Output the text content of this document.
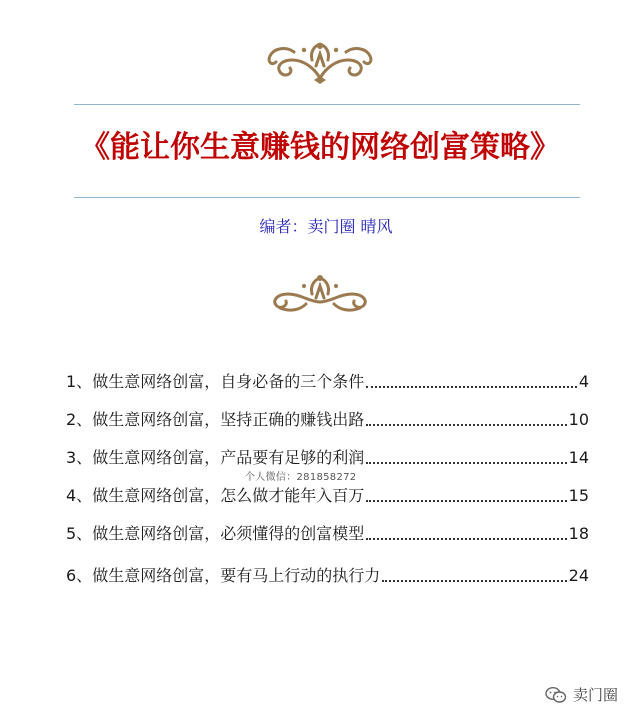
《能让你生意赚钱的网络创富策略》
编者：卖门圈 晴风
1、做生意网络创富，自身必备的三个条件	4
2、做生意网络创富，坚持正确的赚钱出路	10
3、做生意网络创富，产品要有足够的利润	14
4、做生意网络创富，怎么做才能年入百万	15
5、做生意网络创富，必须懂得的创富模型	18
6、做生意网络创富，要有马上行动的执行力	24
个人微信：281858272
卖门圈
